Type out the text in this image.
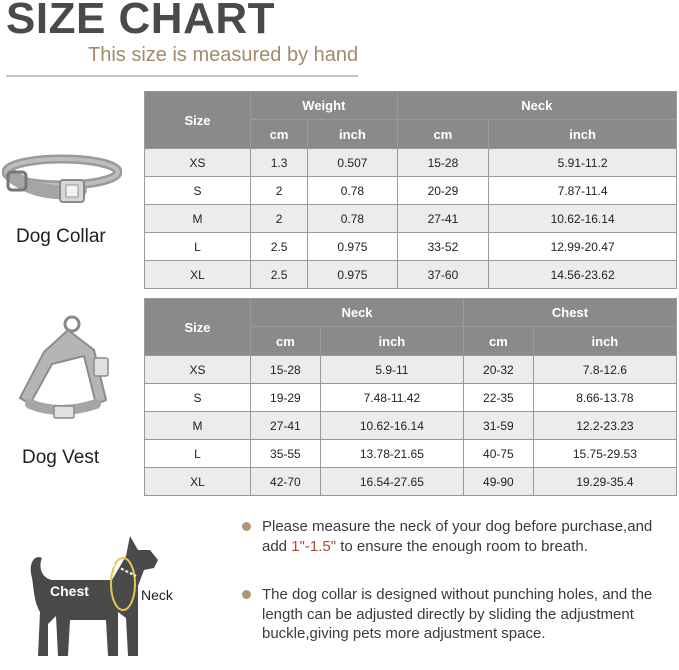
SIZE CHART
This size is measured by hand
Dog Collar
Size	Weight		Neck	
	cm	inch	cm	inch
XS	1.3	0.507	15-28	5.91-11.2
S	2	0.78	20-29	7.87-11.4
M	2	0.78	27-41	10.62-16.14
L	2.5	0.975	33-52	12.99-20.47
XL	2.5	0.975	37-60	14.56-23.62
Dog Vest
Size	Neck		Chest	
	cm	inch	cm	inch
XS	15-28	5.9-11	20-32	7.8-12.6
S	19-29	7.48-11.42	22-35	8.66-13.78
M	27-41	10.62-16.14	31-59	12.2-23.23
L	35-55	13.78-21.65	40-75	15.75-29.53
XL	42-70	16.54-27.65	49-90	19.29-35.4
Chest	Neck
Please measure the neck of your dog before purchase,and add 1"-1.5" to ensure the enough room to breath.
The dog collar is designed without punching holes, and the length can be adjusted directly by sliding the adjustment buckle,giving pets more adjustment space.
